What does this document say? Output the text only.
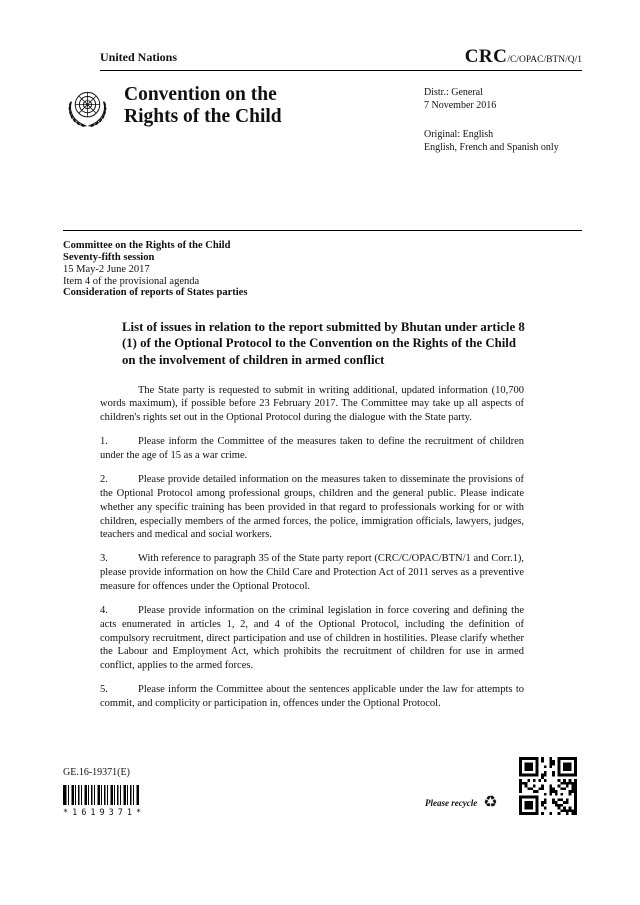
United Nations	CRC/C/OPAC/BTN/Q/1
Convention on the
Rights of the Child
Distr.: General
7 November 2016
Original: English
English, French and Spanish only
Committee on the Rights of the Child
Seventy-fifth session
15 May-2 June 2017
Item 4 of the provisional agenda
Consideration of reports of States parties
List of issues in relation to the report submitted by Bhutan under article 8 (1) of the Optional Protocol to the Convention on the Rights of the Child on the involvement of children in armed conflict

The State party is requested to submit in writing additional, updated information (10,700 words maximum), if possible before 23 February 2017. The Committee may take up all aspects of children's rights set out in the Optional Protocol during the dialogue with the State party.

1.	Please inform the Committee of the measures taken to define the recruitment of children under the age of 15 as a war crime.

2.	Please provide detailed information on the measures taken to disseminate the provisions of the Optional Protocol among professional groups, children and the general public. Please indicate whether any specific training has been provided in that regard to professionals working for or with children, especially members of the armed forces, the police, immigration officials, lawyers, judges, teachers and medical and social workers.

3.	With reference to paragraph 35 of the State party report (CRC/C/OPAC/BTN/1 and Corr.1), please provide information on how the Child Care and Protection Act of 2011 serves as a preventive measure for offences under the Optional Protocol.

4.	Please provide information on the criminal legislation in force covering and defining the acts enumerated in articles 1, 2, and 4 of the Optional Protocol, including the definition of compulsory recruitment, direct participation and use of children in hostilities. Please clarify whether the Labour and Employment Act, which prohibits the recruitment of children for use in armed conflict, applies to the armed forces.

5.	Please inform the Committee about the sentences applicable under the law for attempts to commit, and complicity or participation in, offences under the Optional Protocol.

GE.16-19371(E)
*1619371*
Please recycle ♻
